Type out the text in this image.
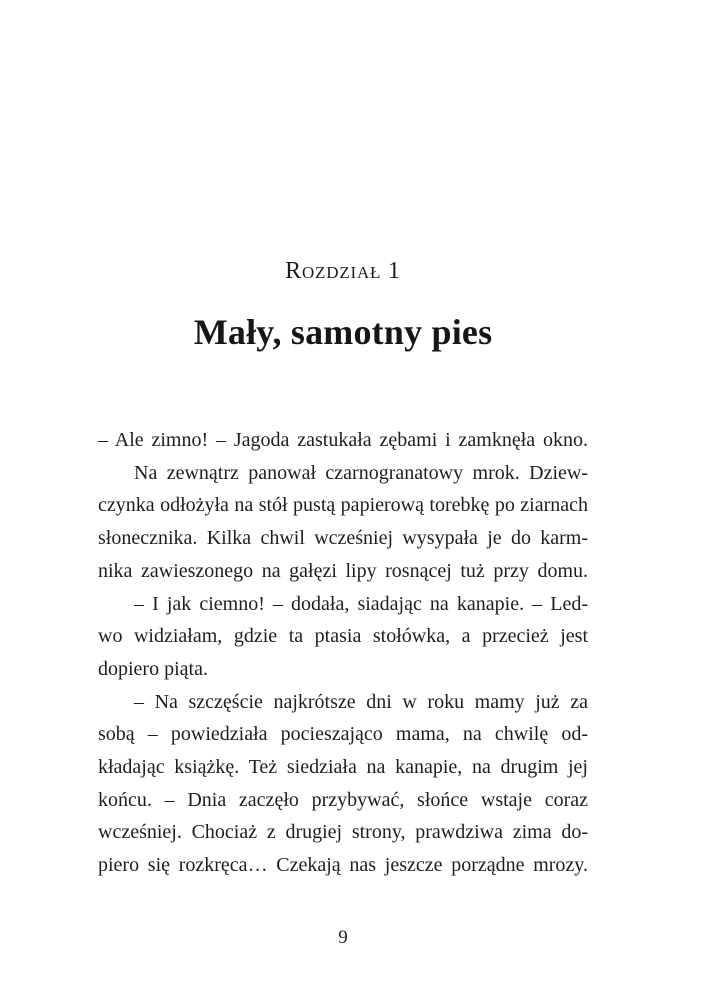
Rozdział 1
Mały, samotny pies
– Ale zimno! – Jagoda zastukała zębami i zamknęła okno.
Na zewnątrz panował czarnogranatowy mrok. Dziew-
czynka odłożyła na stół pustą papierową torebkę po ziarnach
słonecznika. Kilka chwil wcześniej wysypała je do karm-
nika zawieszonego na gałęzi lipy rosnącej tuż przy domu.
– I jak ciemno! – dodała, siadając na kanapie. – Led-
wo widziałam, gdzie ta ptasia stołówka, a przecież jest
dopiero piąta.
– Na szczęście najkrótsze dni w roku mamy już za
sobą – powiedziała pocieszająco mama, na chwilę od-
kładając książkę. Też siedziała na kanapie, na drugim jej
końcu. – Dnia zaczęło przybywać, słońce wstaje coraz
wcześniej. Chociaż z drugiej strony, prawdziwa zima do-
piero się rozkręca… Czekają nas jeszcze porządne mrozy.
9
